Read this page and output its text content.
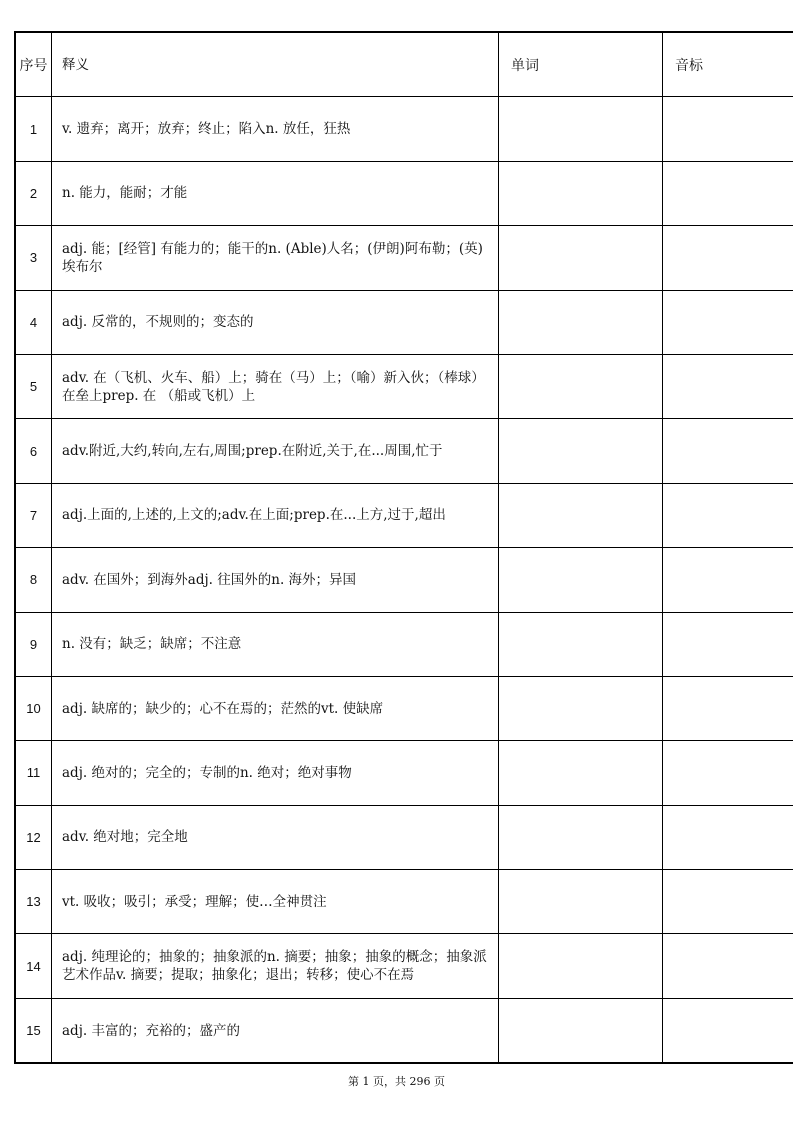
序号	释义	单词	音标
1	v. 遗弃；离开；放弃；终止；陷入n. 放任，狂热		
2	n. 能力，能耐；才能		
3	adj. 能；[经管] 有能力的；能干的n. (Able)人名；(伊朗)阿布勒；(英)埃布尔		
4	adj. 反常的，不规则的；变态的		
5	adv. 在（飞机、火车、船）上；骑在（马）上；（喻）新入伙；（棒球）在垒上prep. 在 （船或飞机）上		
6	adv.附近,大约,转向,左右,周围;prep.在附近,关于,在...周围,忙于		
7	adj.上面的,上述的,上文的;adv.在上面;prep.在...上方,过于,超出		
8	adv. 在国外；到海外adj. 往国外的n. 海外；异国		
9	n. 没有；缺乏；缺席；不注意		
10	adj. 缺席的；缺少的；心不在焉的；茫然的vt. 使缺席		
11	adj. 绝对的；完全的；专制的n. 绝对；绝对事物		
12	adv. 绝对地；完全地		
13	vt. 吸收；吸引；承受；理解；使…全神贯注		
14	adj. 纯理论的；抽象的；抽象派的n. 摘要；抽象；抽象的概念；抽象派艺术作品v. 摘要；提取；抽象化；退出；转移；使心不在焉		
15	adj. 丰富的；充裕的；盛产的		
第 1 页，共 296 页
